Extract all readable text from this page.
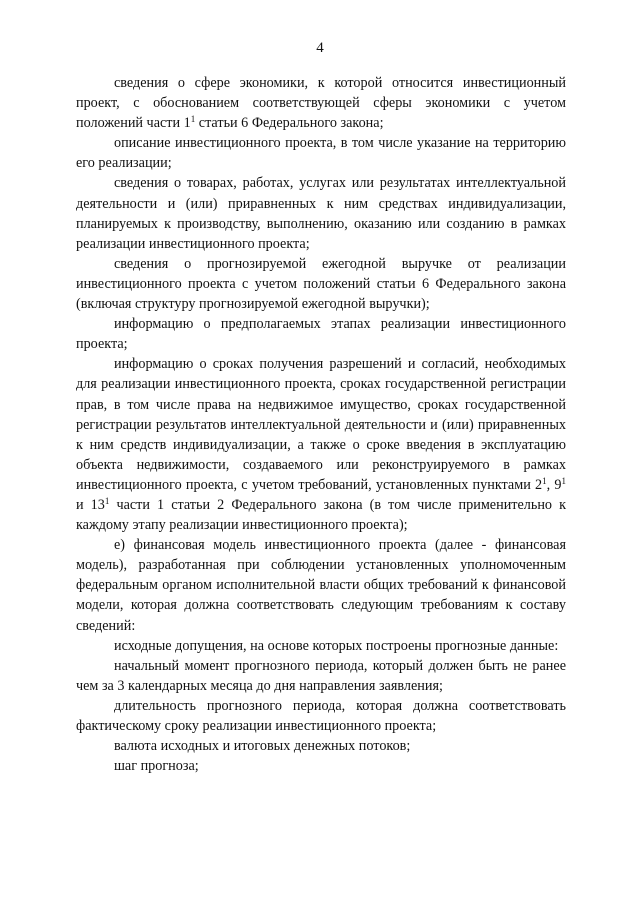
4

сведения о сфере экономики, к которой относится инвестиционный проект, с обоснованием соответствующей сферы экономики с учетом положений части $1^1$ статьи 6 Федерального закона;

описание инвестиционного проекта, в том числе указание на территорию его реализации;

сведения о товарах, работах, услугах или результатах интеллектуальной деятельности и (или) приравненных к ним средствах индивидуализации, планируемых к производству, выполнению, оказанию или созданию в рамках реализации инвестиционного проекта;

сведения о прогнозируемой ежегодной выручке от реализации инвестиционного проекта с учетом положений статьи 6 Федерального закона (включая структуру прогнозируемой ежегодной выручки);

информацию о предполагаемых этапах реализации инвестиционного проекта;

информацию о сроках получения разрешений и согласий, необходимых для реализации инвестиционного проекта, сроках государственной регистрации прав, в том числе права на недвижимое имущество, сроках государственной регистрации результатов интеллектуальной деятельности и (или) приравненных к ним средств индивидуализации, а также о сроке введения в эксплуатацию объекта недвижимости, создаваемого или реконструируемого в рамках инвестиционного проекта, с учетом требований, установленных пунктами $2^1$, $9^1$ и $13^1$ части 1 статьи 2 Федерального закона (в том числе применительно к каждому этапу реализации инвестиционного проекта);

е) финансовая модель инвестиционного проекта (далее - финансовая модель), разработанная при соблюдении установленных уполномоченным федеральным органом исполнительной власти общих требований к финансовой модели, которая должна соответствовать следующим требованиям к составу сведений:

исходные допущения, на основе которых построены прогнозные данные:

начальный момент прогнозного периода, который должен быть не ранее чем за 3 календарных месяца до дня направления заявления;

длительность прогнозного периода, которая должна соответствовать фактическому сроку реализации инвестиционного проекта;

валюта исходных и итоговых денежных потоков;

шаг прогноза;
